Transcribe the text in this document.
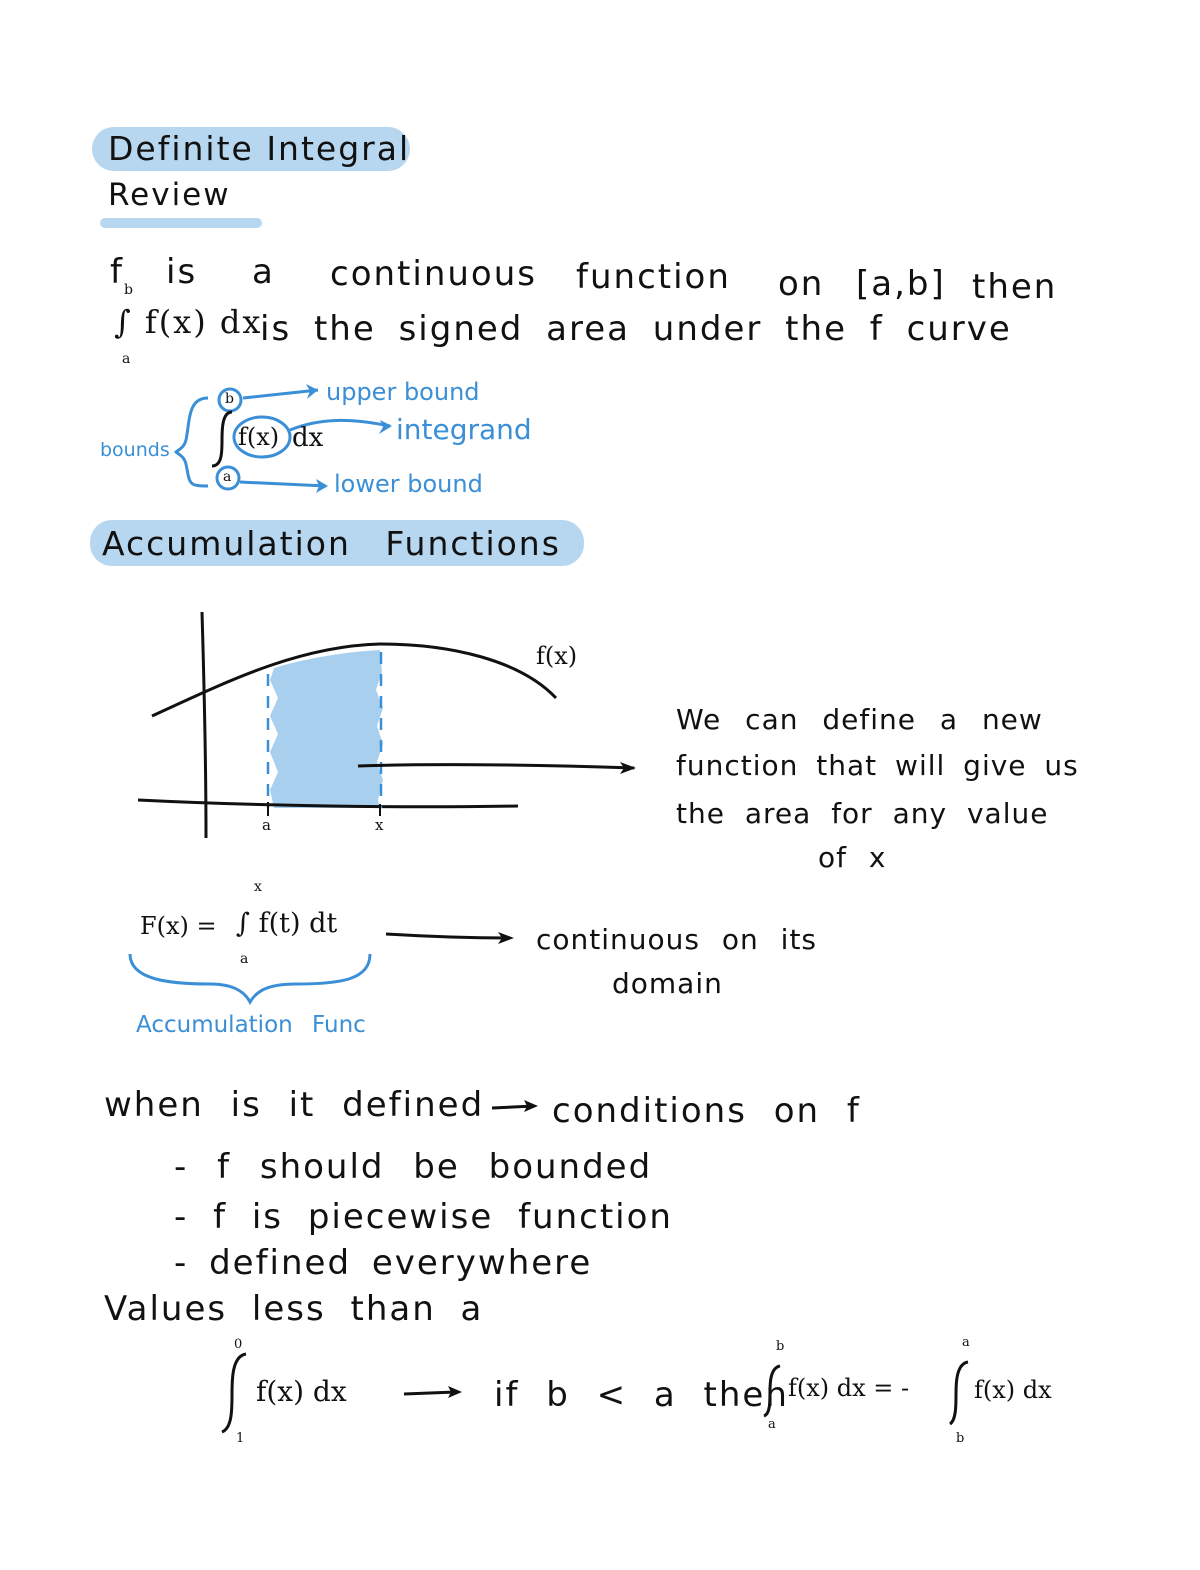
Definite Integral
Review
f is a continuous function on [a,b] then
b
∫ f(x) dx
a
is the signed area under the f curve
b
a
f(x) dx
bounds
upper bound
integrand
lower bound
Accumulation Functions
f(x)
a	x
We can define a new
function that will give us
the area for any value
of x
F(x) =
x
∫ f(t) dt
a
continuous on its
domain
Accumulation Func
when is it defined conditions on f
- f should be bounded
- f is piecewise function
- defined everywhere
Values less than a
0
1
f(x) dx	if b < a then
b
a
f(x) dx = -
a
b
f(x) dx
